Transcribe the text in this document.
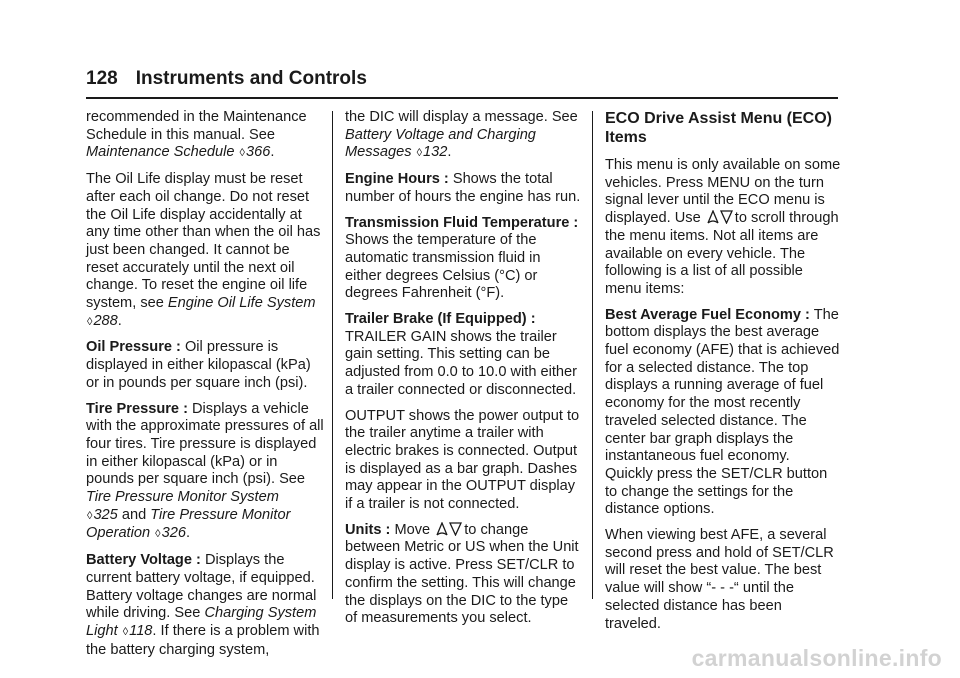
128 Instruments and Controls

recommended in the Maintenance Schedule in this manual. See Maintenance Schedule ◊366.

The Oil Life display must be reset after each oil change. Do not reset the Oil Life display accidentally at any time other than when the oil has just been changed. It cannot be reset accurately until the next oil change. To reset the engine oil life system, see Engine Oil Life System ◊288.

Oil Pressure : Oil pressure is displayed in either kilopascal (kPa) or in pounds per square inch (psi).

Tire Pressure : Displays a vehicle with the approximate pressures of all four tires. Tire pressure is displayed in either kilopascal (kPa) or in pounds per square inch (psi). See Tire Pressure Monitor System
◊325 and Tire Pressure Monitor Operation ◊326.

Battery Voltage : Displays the current battery voltage, if equipped. Battery voltage changes are normal while driving. See Charging System Light ◊118. If there is a problem with the battery charging system,

the DIC will display a message. See Battery Voltage and Charging Messages ◊132.

Engine Hours : Shows the total number of hours the engine has run.

Transmission Fluid Temperature : Shows the temperature of the automatic transmission fluid in either degrees Celsius (°C) or degrees Fahrenheit (°F).

Trailer Brake (If Equipped) : TRAILER GAIN shows the trailer gain setting. This setting can be adjusted from 0.0 to 10.0 with either a trailer connected or disconnected.

OUTPUT shows the power output to the trailer anytime a trailer with electric brakes is connected. Output is displayed as a bar graph. Dashes may appear in the OUTPUT display if a trailer is not connected.

Units : Move to change between Metric or US when the Unit display is active. Press SET/CLR to confirm the setting. This will change the displays on the DIC to the type of measurements you select.

ECO Drive Assist Menu (ECO) Items

This menu is only available on some vehicles. Press MENU on the turn signal lever until the ECO menu is displayed. Use to scroll through the menu items. Not all items are available on every vehicle. The following is a list of all possible menu items:

Best Average Fuel Economy : The bottom displays the best average fuel economy (AFE) that is achieved for a selected distance. The top displays a running average of fuel economy for the most recently traveled selected distance. The center bar graph displays the instantaneous fuel economy. Quickly press the SET/CLR button to change the settings for the distance options.

When viewing best AFE, a several second press and hold of SET/CLR will reset the best value. The best value will show “- - -“ until the selected distance has been traveled.

carmanualsonline.info
